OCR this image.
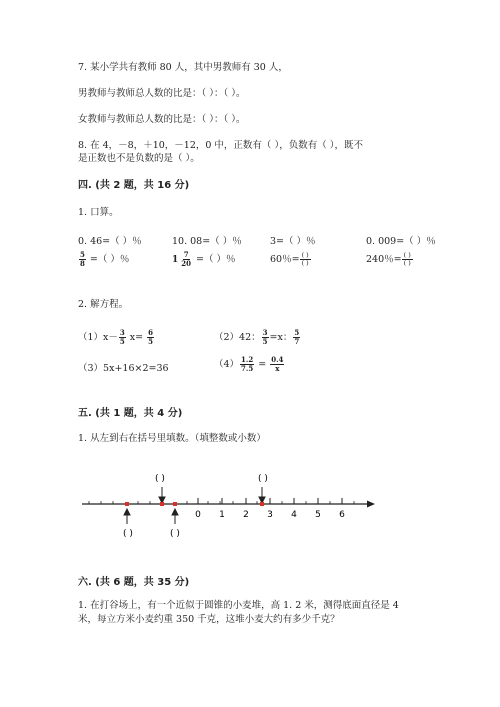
7. 某小学共有教师 80 人，其中男教师有 30 人，
男教师与教师总人数的比是：（ ）：（ ）。
女教师与教师总人数的比是：（ ）：（ ）。
8. 在 4，－8，＋10，－12，0 中，正数有（ ），负数有（ ），既不
是正数也不是负数的是（ ）。
四. (共 2 题，共 16 分)
1. 口算。
0. 46=（ ）％	10. 08=（ ）％	3=（ ）％	0. 009=（ ）％
$\frac{5}{8}$ =（ ）％	$1 \frac{7}{20}$ =（ ）％	60％= $\frac{( )}{( )}$	240％= $\frac{( )}{( )}$
2. 解方程。
$(1)x- \frac{3}{5} x= \frac{6}{5}$	（2）42： $\frac{3}{5} =x$： $\frac{5}{7}$
（3）5x+16×2=36	$(4) \frac{1.2}{7.5} = \frac{0.4}{x}$
五. (共 1 题，共 4 分)
1. 从左到右在括号里填数。（填整数或小数）
( )	( )
( )	( )
0 1 2 3 4 5 6
六. (共 6 题，共 35 分)
1. 在打谷场上，有一个近似于圆锥的小麦堆，高 1. 2 米，测得底面直径是 4
米，每立方米小麦约重 350 千克，这堆小麦大约有多少千克？
